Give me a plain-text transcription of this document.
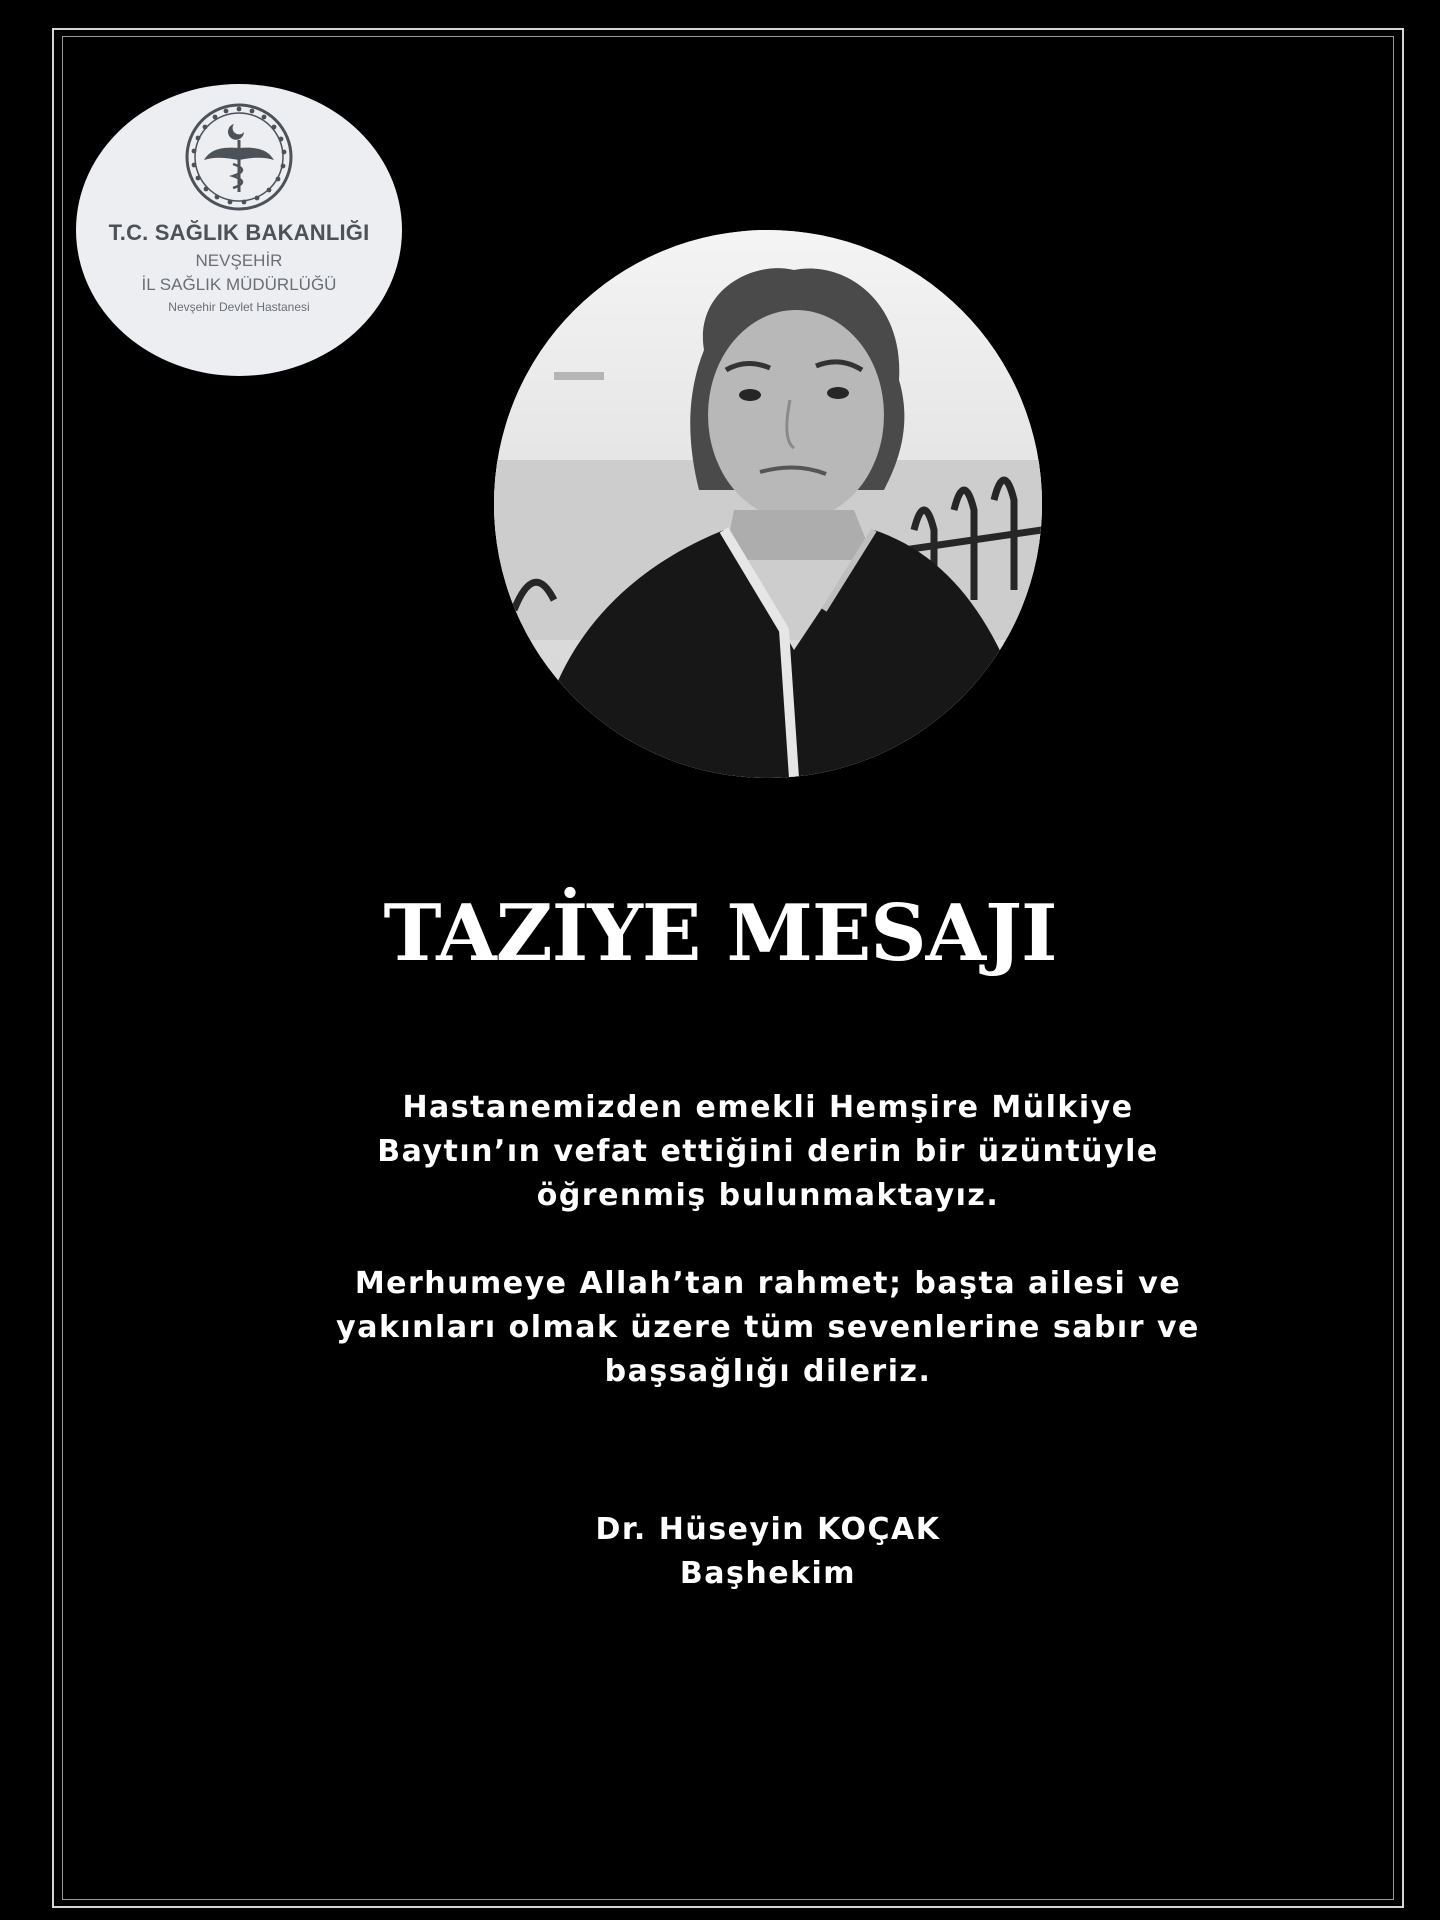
T.C. SAĞLIK BAKANLIĞI
NEVŞEHİR
İL SAĞLIK MÜDÜRLÜĞÜ
Nevşehir Devlet Hastanesi
TAZİYE MESAJI

Hastanemizden emekli Hemşire Mülkiye
Baytın’ın vefat ettiğini derin bir üzüntüyle
öğrenmiş bulunmaktayız.

Merhumeye Allah’tan rahmet; başta ailesi ve
yakınları olmak üzere tüm sevenlerine sabır ve
başsağlığı dileriz.

Dr. Hüseyin KOÇAK
Başhekim
